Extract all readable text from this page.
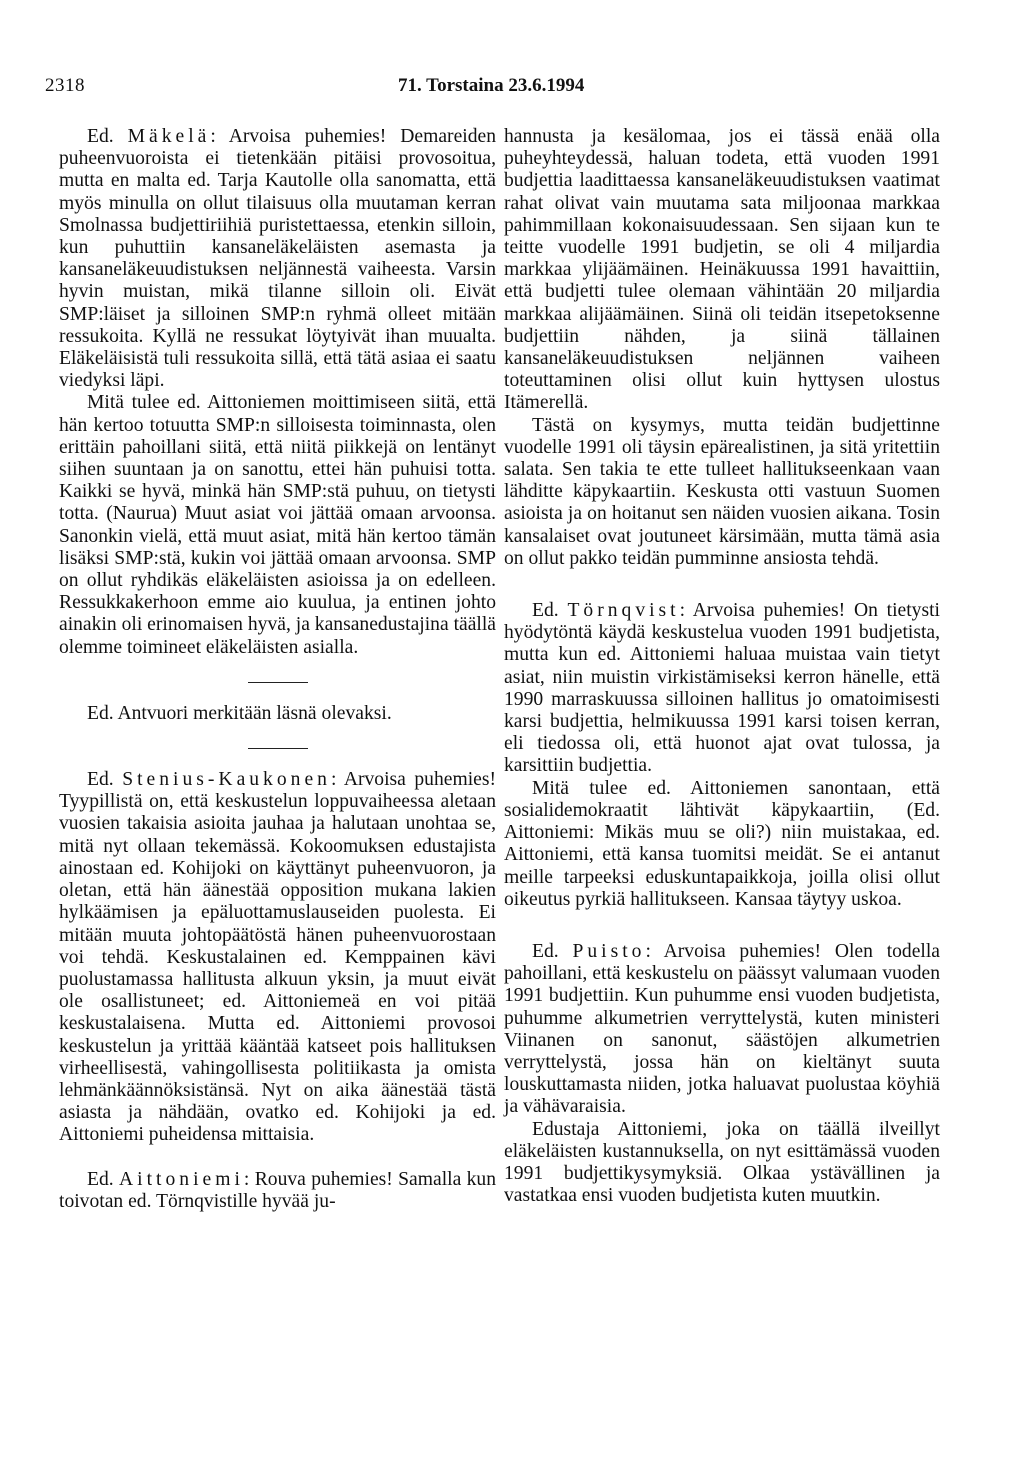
2318	71. Torstaina 23.6.1994

Ed. Mäkelä: Arvoisa puhemies! Demareiden puheenvuoroista ei tietenkään pitäisi provosoitua, mutta en malta ed. Tarja Kautolle olla sanomatta, että myös minulla on ollut tilaisuus olla muutaman kerran Smolnassa budjettiriihiä puristettaessa, etenkin silloin, kun puhuttiin kansaneläkeläisten asemasta ja kansaneläkeuudistuksen neljännestä vaiheesta. Varsin hyvin muistan, mikä tilanne silloin oli. Eivät SMP:läiset ja silloinen SMP:n ryhmä olleet mitään ressukoita. Kyllä ne ressukat löytyivät ihan muualta. Eläkeläisistä tuli ressukoita sillä, että tätä asiaa ei saatu viedyksi läpi.

Mitä tulee ed. Aittoniemen moittimiseen siitä, että hän kertoo totuutta SMP:n silloisesta toiminnasta, olen erittäin pahoillani siitä, että niitä piikkejä on lentänyt siihen suuntaan ja on sanottu, ettei hän puhuisi totta. Kaikki se hyvä, minkä hän SMP:stä puhuu, on tietysti totta. (Naurua) Muut asiat voi jättää omaan arvoonsa. Sanonkin vielä, että muut asiat, mitä hän kertoo tämän lisäksi SMP:stä, kukin voi jättää omaan arvoonsa. SMP on ollut ryhdikäs eläkeläisten asioissa ja on edelleen. Ressukkakerhoon emme aio kuulua, ja entinen johto ainakin oli erinomaisen hyvä, ja kansanedustajina täällä olemme toimineet eläkeläisten asialla.

Ed. Antvuori merkitään läsnä olevaksi.

Ed. Stenius-Kaukonen: Arvoisa puhemies! Tyypillistä on, että keskustelun loppuvaiheessa aletaan vuosien takaisia asioita jauhaa ja halutaan unohtaa se, mitä nyt ollaan tekemässä. Kokoomuksen edustajista ainostaan ed. Kohijoki on käyttänyt puheenvuoron, ja oletan, että hän äänestää opposition mukana lakien hylkäämisen ja epäluottamuslauseiden puolesta. Ei mitään muuta johtopäätöstä hänen puheenvuorostaan voi tehdä. Keskustalainen ed. Kemppainen kävi puolustamassa hallitusta alkuun yksin, ja muut eivät ole osallistuneet; ed. Aittoniemeä en voi pitää keskustalaisena. Mutta ed. Aittoniemi provosoi keskustelun ja yrittää kääntää katseet pois hallituksen virheellisestä, vahingollisesta politiikasta ja omista lehmänkäännöksistänsä. Nyt on aika äänestää tästä asiasta ja nähdään, ovatko ed. Kohijoki ja ed. Aittoniemi puheidensa mittaisia.

Ed. Aittoniemi: Rouva puhemies! Samalla kun toivotan ed. Törnqvistille hyvää ju-

hannusta ja kesälomaa, jos ei tässä enää olla puheyhteydessä, haluan todeta, että vuoden 1991 budjettia laadittaessa kansaneläkeuudistuksen vaatimat rahat olivat vain muutama sata miljoonaa markkaa pahimmillaan kokonaisuudessaan. Sen sijaan kun te teitte vuodelle 1991 budjetin, se oli 4 miljardia markkaa ylijäämäinen. Heinäkuussa 1991 havaittiin, että budjetti tulee olemaan vähintään 20 miljardia markkaa alijäämäinen. Siinä oli teidän itsepetoksenne budjettiin nähden, ja siinä tällainen kansaneläkeuudistuksen neljännen vaiheen toteuttaminen olisi ollut kuin hyttysen ulostus Itämerellä.

Tästä on kysymys, mutta teidän budjettinne vuodelle 1991 oli täysin epärealistinen, ja sitä yritettiin salata. Sen takia te ette tulleet hallitukseenkaan vaan lähditte käpykaartiin. Keskusta otti vastuun Suomen asioista ja on hoitanut sen näiden vuosien aikana. Tosin kansalaiset ovat joutuneet kärsimään, mutta tämä asia on ollut pakko teidän pumminne ansiosta tehdä.

Ed. Törnqvist: Arvoisa puhemies! On tietysti hyödytöntä käydä keskustelua vuoden 1991 budjetista, mutta kun ed. Aittoniemi haluaa muistaa vain tietyt asiat, niin muistin virkistämiseksi kerron hänelle, että 1990 marraskuussa silloinen hallitus jo omatoimisesti karsi budjettia, helmikuussa 1991 karsi toisen kerran, eli tiedossa oli, että huonot ajat ovat tulossa, ja karsittiin budjettia.

Mitä tulee ed. Aittoniemen sanontaan, että sosialidemokraatit lähtivät käpykaartiin, (Ed. Aittoniemi: Mikäs muu se oli?) niin muistakaa, ed. Aittoniemi, että kansa tuomitsi meidät. Se ei antanut meille tarpeeksi eduskuntapaikkoja, joilla olisi ollut oikeutus pyrkiä hallitukseen. Kansaa täytyy uskoa.

Ed. Puisto: Arvoisa puhemies! Olen todella pahoillani, että keskustelu on päässyt valumaan vuoden 1991 budjettiin. Kun puhumme ensi vuoden budjetista, puhumme alkumetrien verryttelystä, kuten ministeri Viinanen on sanonut, säästöjen alkumetrien verryttelystä, jossa hän on kieltänyt suuta louskuttamasta niiden, jotka haluavat puolustaa köyhiä ja vähävaraisia.

Edustaja Aittoniemi, joka on täällä ilveillyt eläkeläisten kustannuksella, on nyt esittämässä vuoden 1991 budjettikysymyksiä. Olkaa ystävällinen ja vastatkaa ensi vuoden budjetista kuten muutkin.
